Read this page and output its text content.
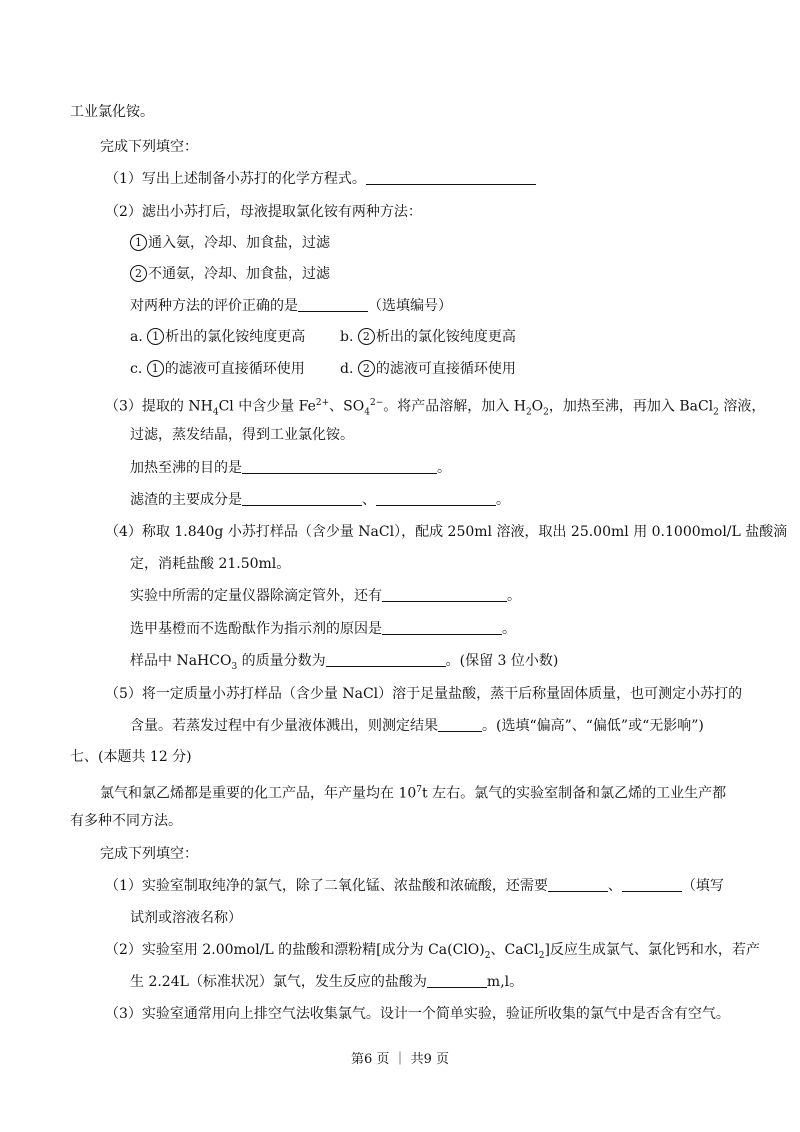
工业氯化铵。
完成下列填空：
（1）写出上述制备小苏打的化学方程式。
（2）滤出小苏打后，母液提取氯化铵有两种方法：
1 通入氨，冷却、加食盐，过滤
2 不通氨，冷却、加食盐，过滤
对两种方法的评价正确的是	（选填编号）
a. 1 析出的氯化铵纯度更高 b. 2 析出的氯化铵纯度更高
c. 1 的滤液可直接循环使用	d. 2 的滤液可直接循环使用
（3）提取的 $NH_4Cl$ 中含少量 $Fe^{2+}$、$SO_4^{2-}$。将产品溶解，加入 $H_2O_2$，加热至沸，再加入 BaCl$_2$ 溶液，
过滤，蒸发结晶，得到工业氯化铵。
加热至沸的目的是	。
滤渣的主要成分是	、	。
（4）称取 1.840g 小苏打样品（含少量 NaCl），配成 250ml 溶液，取出 25.00ml 用 0.1000mol/L 盐酸滴
定，消耗盐酸 21.50ml。
实验中所需的定量仪器除滴定管外，还有	。
选甲基橙而不选酚酞作为指示剂的原因是	。
样品中 NaHCO$_3$ 的质量分数为	。(保留 3 位小数)
（5）将一定质量小苏打样品（含少量 NaCl）溶于足量盐酸，蒸干后称量固体质量，也可测定小苏打的
含量。若蒸发过程中有少量液体溅出，则测定结果	。(选填“偏高”、“偏低”或“无影响”)
七、(本题共 12 分)
氯气和氯乙烯都是重要的化工产品，年产量均在 $10^7t$ 左右。氯气的实验室制备和氯乙烯的工业生产都
有多种不同方法。
完成下列填空：
（1）实验室制取纯净的氯气，除了二氧化锰、浓盐酸和浓硫酸，还需要	、	（填写
试剂或溶液名称）
（2）实验室用 2.00mol/L 的盐酸和漂粉精[成分为 $Ca(ClO)_2$、CaCl$_2$]反应生成氯气、氯化钙和水，若产
生 2.24L（标准状况）氯气，发生反应的盐酸为	m,l。
（3）实验室通常用向上排空气法收集氯气。设计一个简单实验，验证所收集的氯气中是否含有空气。
第6 页 ｜ 共9 页
